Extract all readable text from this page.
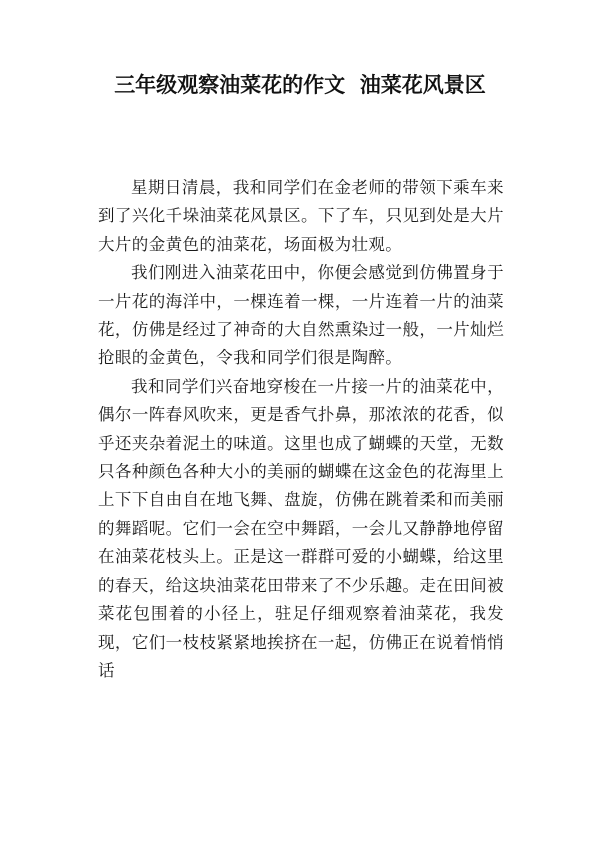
三年级观察油菜花的作文  油菜花风景区

星期日清晨，我和同学们在金老师的带领下乘车来到了兴化千垛油菜花风景区。下了车，只见到处是大片大片的金黄色的油菜花，场面极为壮观。

我们刚进入油菜花田中，你便会感觉到仿佛置身于一片花的海洋中，一棵连着一棵，一片连着一片的油菜花，仿佛是经过了神奇的大自然熏染过一般，一片灿烂抢眼的金黄色，令我和同学们很是陶醉。

我和同学们兴奋地穿梭在一片接一片的油菜花中，偶尔一阵春风吹来，更是香气扑鼻，那浓浓的花香，似乎还夹杂着泥土的味道。这里也成了蝴蝶的天堂，无数只各种颜色各种大小的美丽的蝴蝶在这金色的花海里上上下下自由自在地飞舞、盘旋，仿佛在跳着柔和而美丽的舞蹈呢。它们一会在空中舞蹈，一会儿又静静地停留在油菜花枝头上。正是这一群群可爱的小蝴蝶，给这里的春天，给这块油菜花田带来了不少乐趣。走在田间被菜花包围着的小径上，驻足仔细观察着油菜花，我发现，它们一枝枝紧紧地挨挤在一起，仿佛正在说着悄悄话
